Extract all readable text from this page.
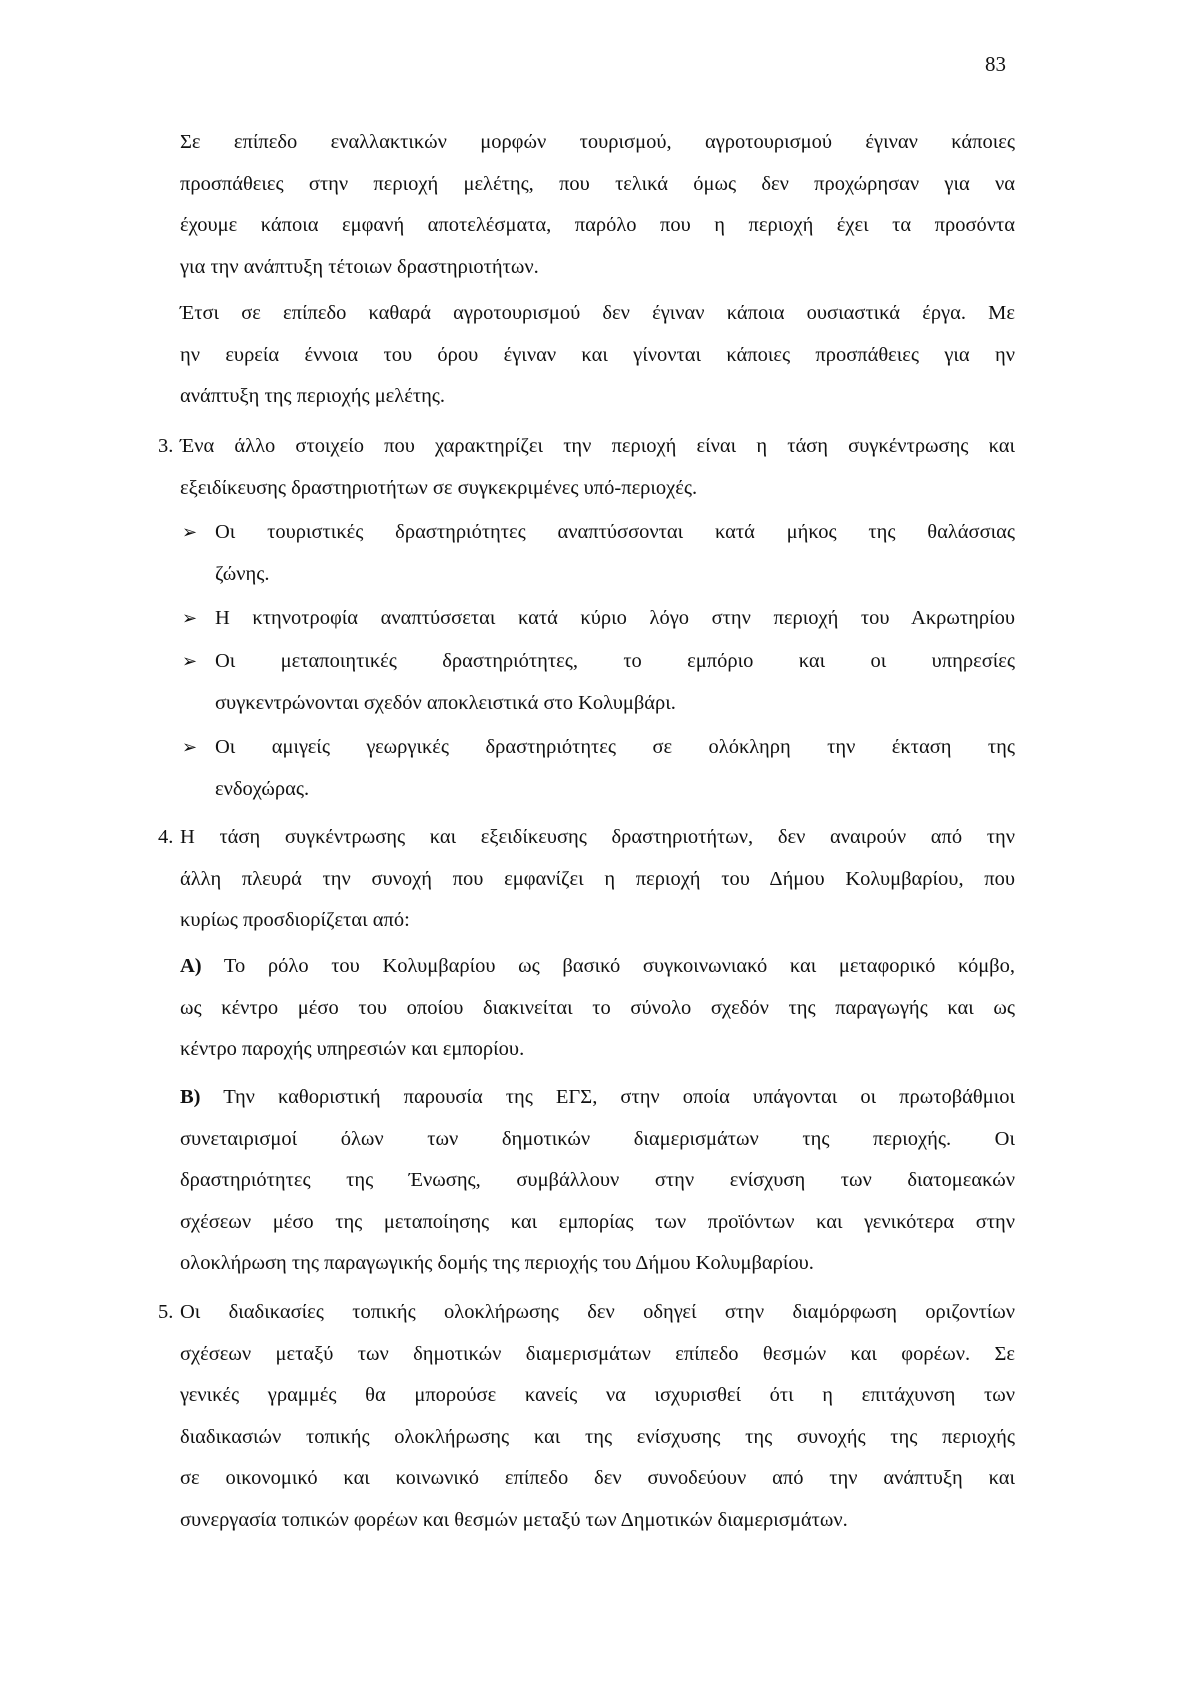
83
Σε επίπεδο εναλλακτικών μορφών τουρισμού, αγροτουρισμού έγιναν κάποιες
προσπάθειες στην περιοχή μελέτης, που τελικά όμως δεν προχώρησαν για να
έχουμε κάποια εμφανή αποτελέσματα, παρόλο που η περιοχή έχει τα προσόντα
για την ανάπτυξη τέτοιων δραστηριοτήτων.
Έτσι σε επίπεδο καθαρά αγροτουρισμού δεν έγιναν κάποια ουσιαστικά έργα. Με
ην ευρεία έννοια του όρου έγιναν και γίνονται κάποιες προσπάθειες για ην
ανάπτυξη της περιοχής μελέτης.
3. Ένα άλλο στοιχείο που χαρακτηρίζει την περιοχή είναι η τάση συγκέντρωσης και
εξειδίκευσης δραστηριοτήτων σε συγκεκριμένες υπό-περιοχές.
➢ Οι τουριστικές δραστηριότητες αναπτύσσονται κατά μήκος της θαλάσσιας
ζώνης.
➢ Η κτηνοτροφία αναπτύσσεται κατά κύριο λόγο στην περιοχή του Ακρωτηρίου
➢ Οι μεταποιητικές δραστηριότητες, το εμπόριο και οι υπηρεσίες
συγκεντρώνονται σχεδόν αποκλειστικά στο Κολυμβάρι.
➢ Οι αμιγείς γεωργικές δραστηριότητες σε ολόκληρη την έκταση της
ενδοχώρας.
4. Η τάση συγκέντρωσης και εξειδίκευσης δραστηριοτήτων, δεν αναιρούν από την
άλλη πλευρά την συνοχή που εμφανίζει η περιοχή του Δήμου Κολυμβαρίου, που
κυρίως προσδιορίζεται από:
Α) Το ρόλο του Κολυμβαρίου ως βασικό συγκοινωνιακό και μεταφορικό κόμβο,
ως κέντρο μέσο του οποίου διακινείται το σύνολο σχεδόν της παραγωγής και ως
κέντρο παροχής υπηρεσιών και εμπορίου.
Β) Την καθοριστική παρουσία της ΕΓΣ, στην οποία υπάγονται οι πρωτοβάθμιοι
συνεταιρισμοί όλων των δημοτικών διαμερισμάτων της περιοχής. Οι
δραστηριότητες της Ένωσης, συμβάλλουν στην ενίσχυση των διατομεακών
σχέσεων μέσο της μεταποίησης και εμπορίας των προϊόντων και γενικότερα στην
ολοκλήρωση της παραγωγικής δομής της περιοχής του Δήμου Κολυμβαρίου.
5. Οι διαδικασίες τοπικής ολοκλήρωσης δεν οδηγεί στην διαμόρφωση οριζοντίων
σχέσεων μεταξύ των δημοτικών διαμερισμάτων επίπεδο θεσμών και φορέων. Σε
γενικές γραμμές θα μπορούσε κανείς να ισχυρισθεί ότι η επιτάχυνση των
διαδικασιών τοπικής ολοκλήρωσης και της ενίσχυσης της συνοχής της περιοχής
σε οικονομικό και κοινωνικό επίπεδο δεν συνοδεύουν από την ανάπτυξη και
συνεργασία τοπικών φορέων και θεσμών μεταξύ των Δημοτικών διαμερισμάτων.
